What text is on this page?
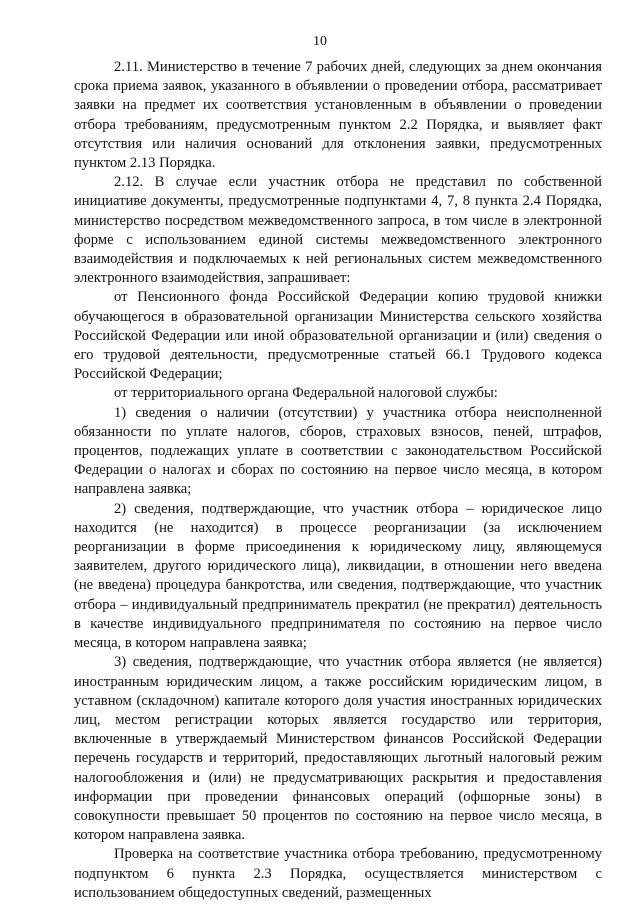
10

2.11. Министерство в течение 7 рабочих дней, следующих за днем окончания срока приема заявок, указанного в объявлении о проведении отбора, рассматривает заявки на предмет их соответствия установленным в объявлении о проведении отбора требованиям, предусмотренным пунктом 2.2 Порядка, и выявляет факт отсутствия или наличия оснований для отклонения заявки, предусмотренных пунктом 2.13 Порядка.

2.12. В случае если участник отбора не представил по собственной инициативе документы, предусмотренные подпунктами 4, 7, 8 пункта 2.4 Порядка, министерство посредством межведомственного запроса, в том числе в электронной форме с использованием единой системы межведомственного электронного взаимодействия и подключаемых к ней региональных систем межведомственного электронного взаимодействия, запрашивает:

от Пенсионного фонда Российской Федерации копию трудовой книжки обучающегося в образовательной организации Министерства сельского хозяйства Российской Федерации или иной образовательной организации и (или) сведения о его трудовой деятельности, предусмотренные статьей 66.1 Трудового кодекса Российской Федерации;

от территориального органа Федеральной налоговой службы:

1) сведения о наличии (отсутствии) у участника отбора неисполненной обязанности по уплате налогов, сборов, страховых взносов, пеней, штрафов, процентов, подлежащих уплате в соответствии с законодательством Российской Федерации о налогах и сборах по состоянию на первое число месяца, в котором направлена заявка;

2) сведения, подтверждающие, что участник отбора – юридическое лицо находится (не находится) в процессе реорганизации (за исключением реорганизации в форме присоединения к юридическому лицу, являющемуся заявителем, другого юридического лица), ликвидации, в отношении него введена (не введена) процедура банкротства, или сведения, подтверждающие, что участник отбора – индивидуальный предприниматель прекратил (не прекратил) деятельность в качестве индивидуального предпринимателя по состоянию на первое число месяца, в котором направлена заявка;

3) сведения, подтверждающие, что участник отбора является (не является) иностранным юридическим лицом, а также российским юридическим лицом, в уставном (складочном) капитале которого доля участия иностранных юридических лиц, местом регистрации которых является государство или территория, включенные в утверждаемый Министерством финансов Российской Федерации перечень государств и территорий, предоставляющих льготный налоговый режим налогообложения и (или) не предусматривающих раскрытия и предоставления информации при проведении финансовых операций (офшорные зоны) в совокупности превышает 50 процентов по состоянию на первое число месяца, в котором направлена заявка.

Проверка на соответствие участника отбора требованию, предусмотренному подпунктом 6 пункта 2.3 Порядка, осуществляется министерством с использованием общедоступных сведений, размещенных
